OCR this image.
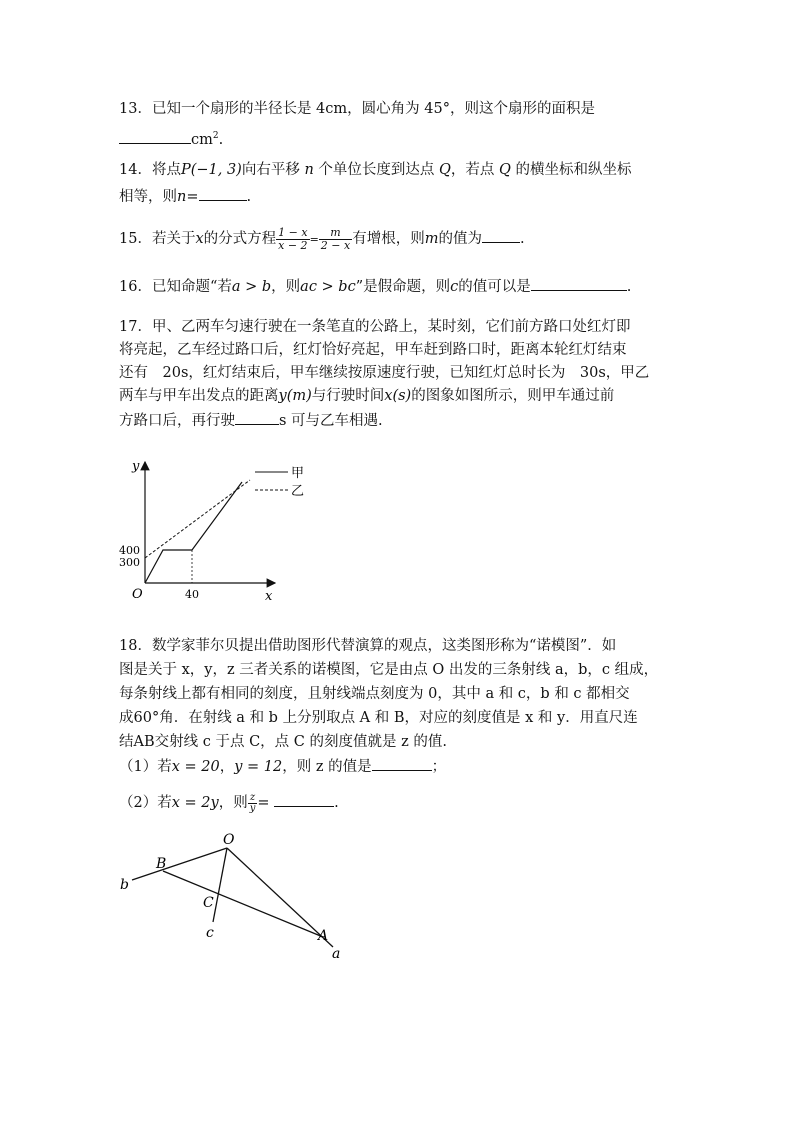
13．已知一个扇形的半径长是 4cm，圆心角为 45°，则这个扇形的面积是
$cm^2$.
14．将点P(−1, 3)向右平移 n 个单位长度到达点 Q，若点 Q 的横坐标和纵坐标
相等，则n=	.
15．若关于x的分式方程 $\frac{1 - x}{x - 2} = \frac{m}{2 - x}$ 有增根，则m的值为	.
16．已知命题“若a > b，则ac > bc”是假命题，则c的值可以是	.
17．甲、乙两车匀速行驶在一条笔直的公路上，某时刻，它们前方路口处红灯即
将亮起，乙车经过路口后，红灯恰好亮起，甲车赶到路口时，距离本轮红灯结束
还有　20s，红灯结束后，甲车继续按原速度行驶，已知红灯总时长为　30s，甲乙
两车与甲车出发点的距离y(m)与行驶时间x(s)的图象如图所示，则甲车通过前
方路口后，再行驶	s 可与乙车相遇.
甲
乙
y
x
O
400
300
40
18．数学家菲尔贝提出借助图形代替演算的观点，这类图形称为“诺模图”．如
图是关于 x，y，z 三者关系的诺模图，它是由点 O 出发的三条射线 a，b，c 组成，
每条射线上都有相同的刻度，且射线端点刻度为 0，其中 a 和 c，b 和 c 都相交
成60°角．在射线 a 和 b 上分别取点 A 和 B，对应的刻度值是 x 和 y．用直尺连
结AB交射线 c 于点 C，点 C 的刻度值就是 z 的值.
（1）若x = 20，y = 12，则 z 的值是	；
（2）若x = 2y，则 $\frac{z}{y}$ =	.
O
B
b
C
c	A
a
